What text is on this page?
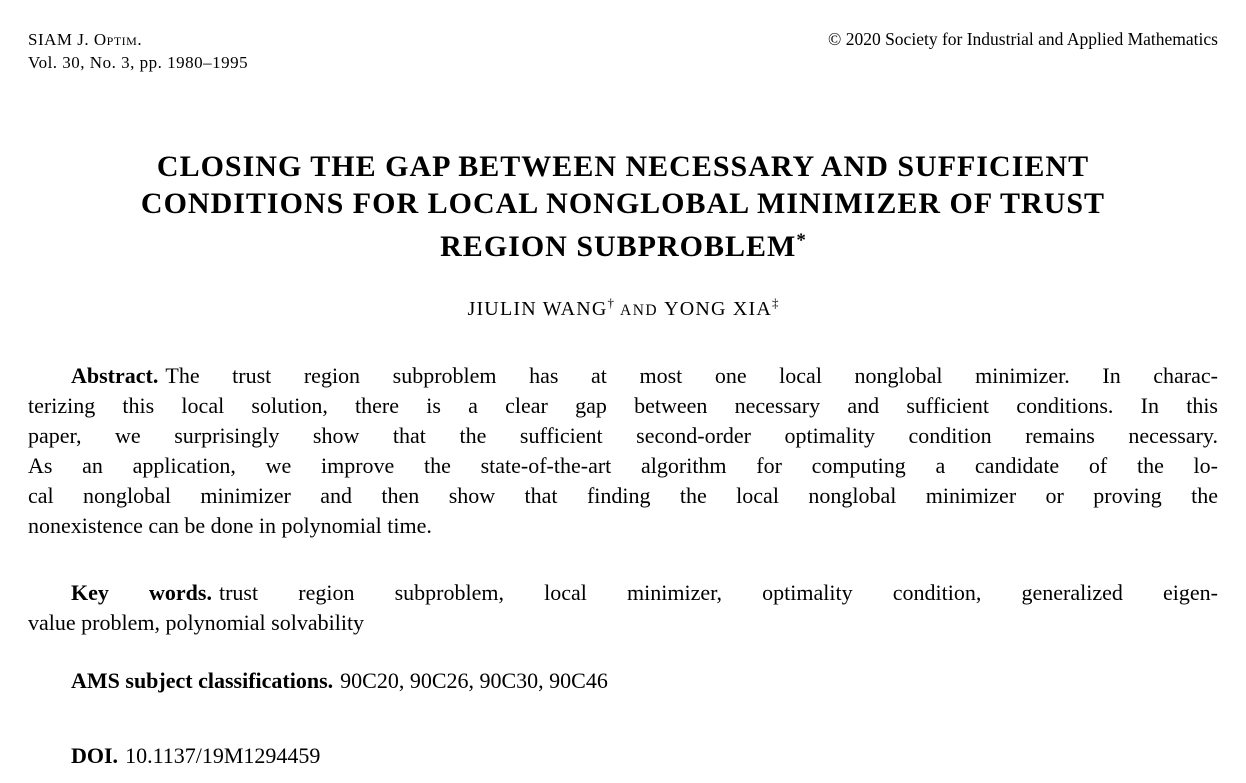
SIAM J. Optim.
Vol. 30, No. 3, pp. 1980–1995
© 2020 Society for Industrial and Applied Mathematics
CLOSING THE GAP BETWEEN NECESSARY AND SUFFICIENT
CONDITIONS FOR LOCAL NONGLOBAL MINIMIZER OF TRUST
REGION SUBPROBLEM*
JIULIN WANG† AND YONG XIA‡
Abstract. The trust region subproblem has at most one local nonglobal minimizer. In charac-
terizing this local solution, there is a clear gap between necessary and sufficient conditions. In this
paper, we surprisingly show that the sufficient second-order optimality condition remains necessary.
As an application, we improve the state-of-the-art algorithm for computing a candidate of the lo-
cal nonglobal minimizer and then show that finding the local nonglobal minimizer or proving the
nonexistence can be done in polynomial time.
Key words. trust region subproblem, local minimizer, optimality condition, generalized eigen-
value problem, polynomial solvability
AMS subject classifications. 90C20, 90C26, 90C30, 90C46
DOI. 10.1137/19M1294459
